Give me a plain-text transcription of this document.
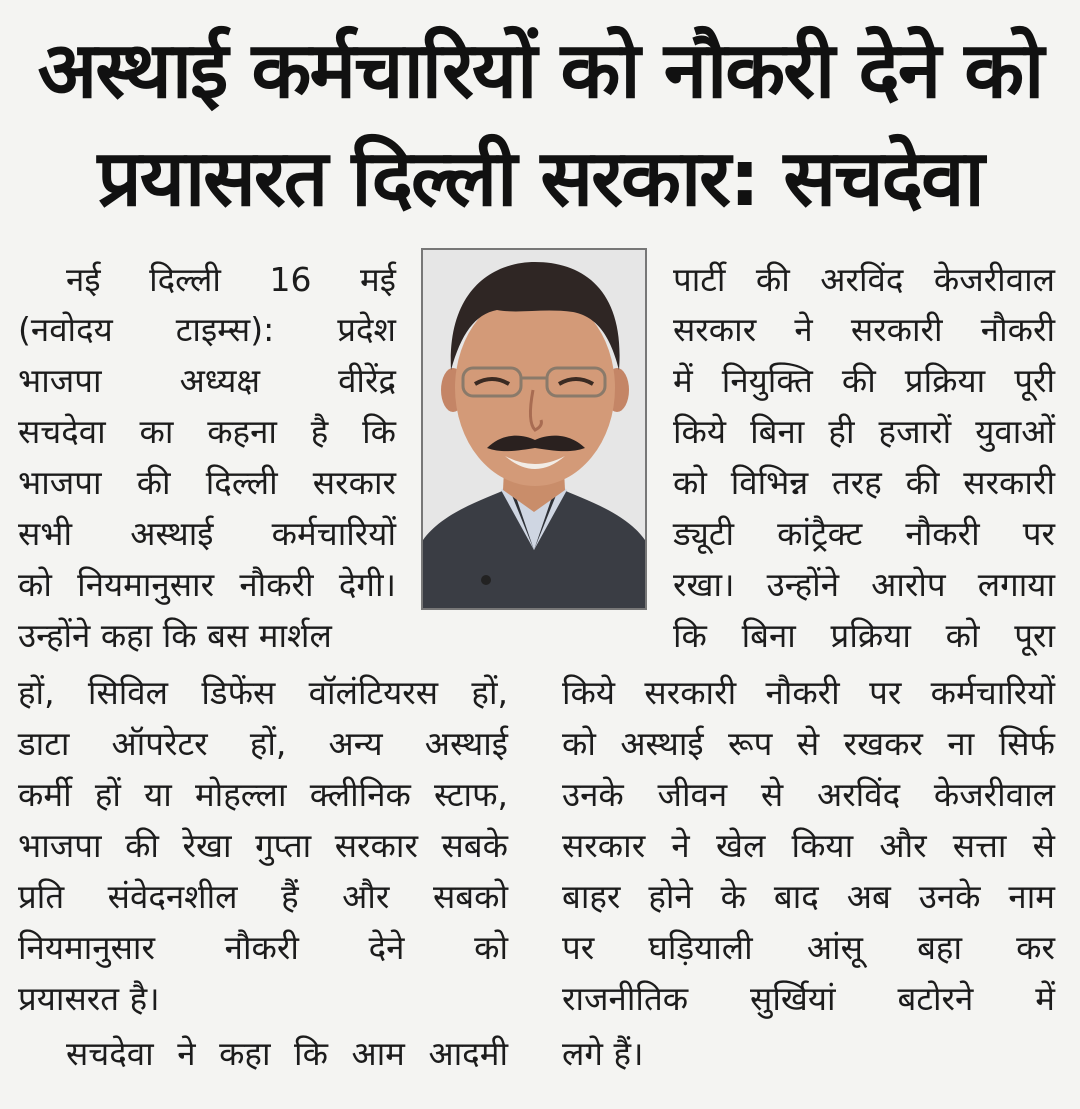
अस्थाई कर्मचारियों को नौकरी देने को
प्रयासरत दिल्ली सरकार: सचदेवा
नई दिल्ली 16 मई
(नवोदय टाइम्स): प्रदेश
भाजपा अध्यक्ष वीरेंद्र
सचदेवा का कहना है कि
भाजपा की दिल्ली सरकार
सभी अस्थाई कर्मचारियों
को नियमानुसार नौकरी देगी।
उन्होंने कहा कि बस मार्शल
हों, सिविल डिफेंस वॉलंटियरस हों,
डाटा ऑपरेटर हों, अन्य अस्थाई
कर्मी हों या मोहल्ला क्लीनिक स्टाफ,
भाजपा की रेखा गुप्ता सरकार सबके
प्रति संवेदनशील हैं और सबको
नियमानुसार नौकरी देने को
प्रयासरत है।
सचदेवा ने कहा कि आम आदमी
पार्टी की अरविंद केजरीवाल
सरकार ने सरकारी नौकरी
में नियुक्ति की प्रक्रिया पूरी
किये बिना ही हजारों युवाओं
को विभिन्न तरह की सरकारी
ड्यूटी कांट्रैक्ट नौकरी पर
रखा। उन्होंने आरोप लगाया
कि बिना प्रक्रिया को पूरा
किये सरकारी नौकरी पर कर्मचारियों
को अस्थाई रूप से रखकर ना सिर्फ
उनके जीवन से अरविंद केजरीवाल
सरकार ने खेल किया और सत्ता से
बाहर होने के बाद अब उनके नाम
पर घड़ियाली आंसू बहा कर
राजनीतिक सुर्खियां बटोरने में
लगे हैं।
